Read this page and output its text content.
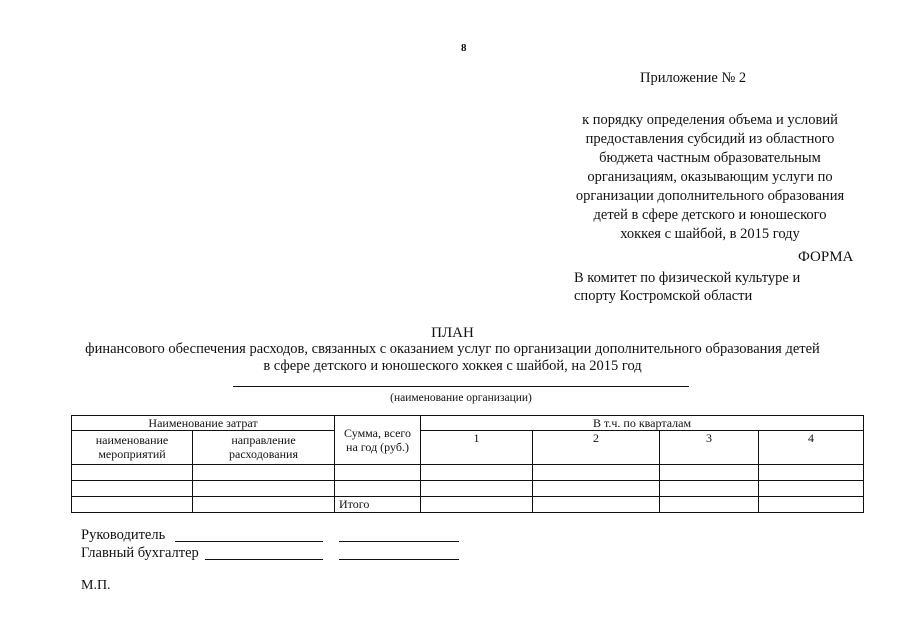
8
Приложение № 2
к порядку определения объема и условий
предоставления субсидий из областного
бюджета частным образовательным
организациям, оказывающим услуги по
организации дополнительного образования
детей в сфере детского и юношеского
хоккея с шайбой, в 2015 году
ФОРМА
В комитет по физической культуре и
спорту Костромской области
ПЛАН
финансового обеспечения расходов, связанных с оказанием услуг по организации дополнительного образования детей
в сфере детского и юношеского хоккея с шайбой, на 2015 год
(наименование организации)
Наименование затрат		Сумма, всего на год (руб.)	В т.ч. по кварталам			
наименование мероприятий	направление расходования		1	2	3	4

		Итого				
Руководитель
Главный бухгалтер
М.П.
